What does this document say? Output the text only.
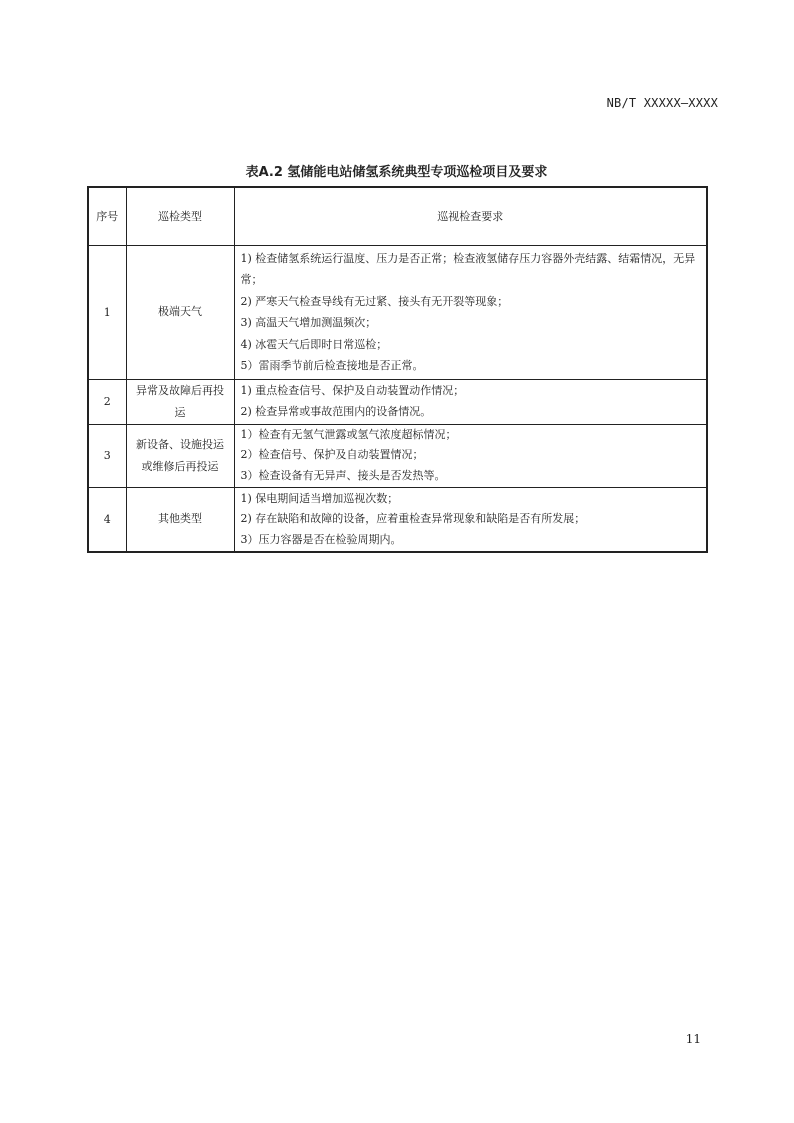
NB/T XXXXX—XXXX
表A.2 氢储能电站储氢系统典型专项巡检项目及要求
序号	巡检类型	巡视检查要求
1	极端天气	1) 检查储氢系统运行温度、压力是否正常；检查液氢储存压力容器外壳结露、结霜情况，无异常；
2) 严寒天气检查导线有无过紧、接头有无开裂等现象；
3) 高温天气增加测温频次；
4) 冰雹天气后即时日常巡检；
5）雷雨季节前后检查接地是否正常。

2	异常及故障后再投运	1) 重点检查信号、保护及自动装置动作情况；
2) 检查异常或事故范围内的设备情况。

3	新设备、设施投运或维修后再投运	1）检查有无氢气泄露或氢气浓度超标情况；
2）检查信号、保护及自动装置情况；
3）检查设备有无异声、接头是否发热等。

4	其他类型	1) 保电期间适当增加巡视次数；
2) 存在缺陷和故障的设备，应着重检查异常现象和缺陷是否有所发展；
3）压力容器是否在检验周期内。
11
